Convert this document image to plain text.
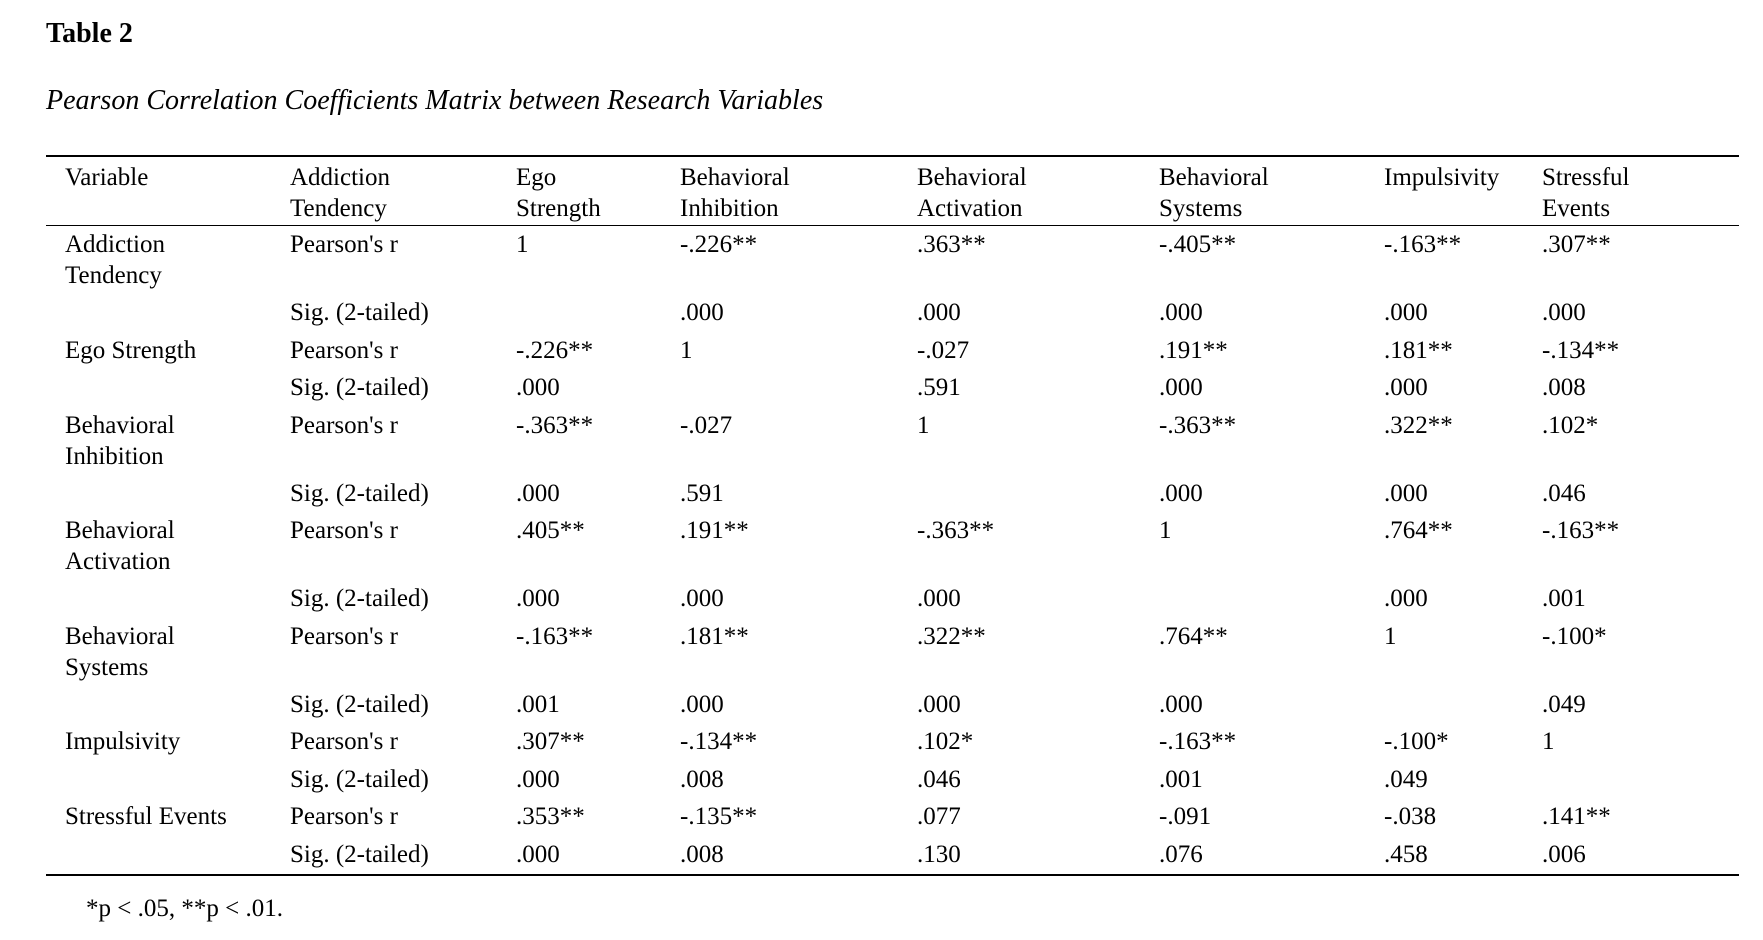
Table 2

Pearson Correlation Coefficients Matrix between Research Variables

Variable	Addiction Tendency	Ego Strength	Behavioral Inhibition	Behavioral Activation	Behavioral Systems	Impulsivity	Stressful Events

Addiction Tendency	Pearson's r	1	-.226**	.363**	-.405**	-.163**	.307**

	Sig. (2-tailed)		.000	.000	.000	.000	.000

Ego Strength	Pearson's r	-.226**	1	-.027	.191**	.181**	-.134**

	Sig. (2-tailed)	.000		.591	.000	.000	.008

Behavioral Inhibition	Pearson's r	-.363**	-.027	1	-.363**	.322**	.102*

	Sig. (2-tailed)	.000	.591		.000	.000	.046

Behavioral Activation	Pearson's r	.405**	.191**	-.363**	1	.764**	-.163**

	Sig. (2-tailed)	.000	.000	.000		.000	.001

Behavioral Systems	Pearson's r	-.163**	.181**	.322**	.764**	1	-.100*

	Sig. (2-tailed)	.001	.000	.000	.000		.049

Impulsivity	Pearson's r	.307**	-.134**	.102*	-.163**	-.100*	1

	Sig. (2-tailed)	.000	.008	.046	.001	.049	

Stressful Events	Pearson's r	.353**	-.135**	.077	-.091	-.038	.141**

	Sig. (2-tailed)	.000	.008	.130	.076	.458	.006

*p < .05, **p < .01.
